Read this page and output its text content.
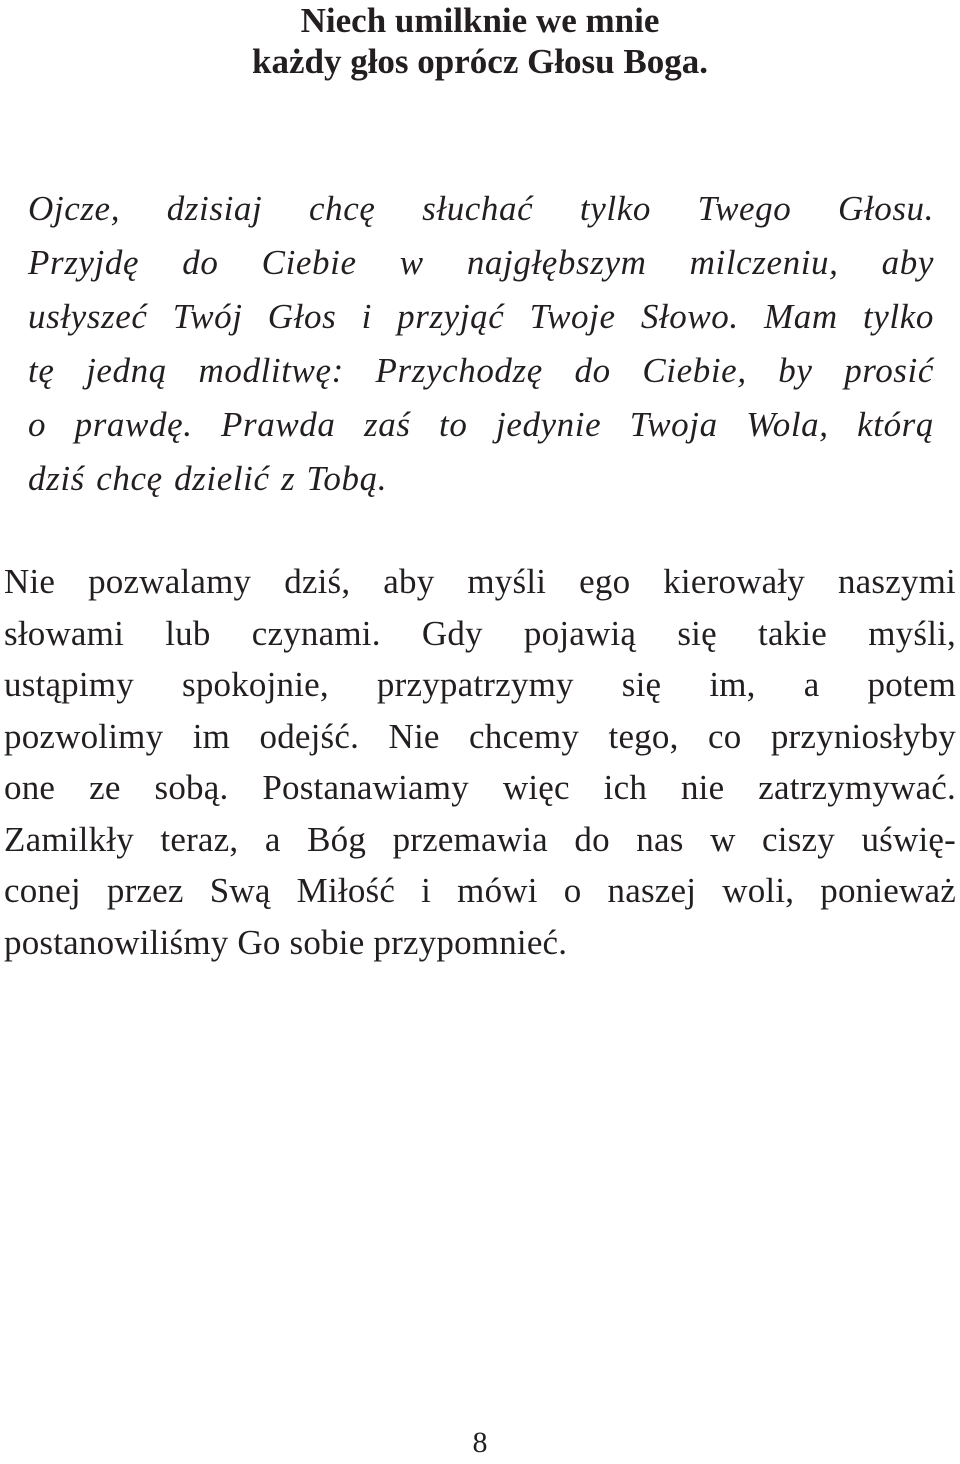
Niech umilknie we mnie
każdy głos oprócz Głosu Boga.
Ojcze, dzisiaj chcę słuchać tylko Twego Głosu.
Przyjdę do Ciebie w najgłębszym milczeniu, aby
usłyszeć Twój Głos i przyjąć Twoje Słowo. Mam tylko
tę jedną modlitwę: Przychodzę do Ciebie, by prosić
o prawdę. Prawda zaś to jedynie Twoja Wola, którą
dziś chcę dzielić z Tobą.
Nie pozwalamy dziś, aby myśli ego kierowały naszymi
słowami lub czynami. Gdy pojawią się takie myśli,
ustąpimy spokojnie, przypatrzymy się im, a potem
pozwolimy im odejść. Nie chcemy tego, co przyniosłyby
one ze sobą. Postanawiamy więc ich nie zatrzymywać.
Zamilkły teraz, a Bóg przemawia do nas w ciszy uświę-
conej przez Swą Miłość i mówi o naszej woli, ponieważ
postanowiliśmy Go sobie przypomnieć.
8
